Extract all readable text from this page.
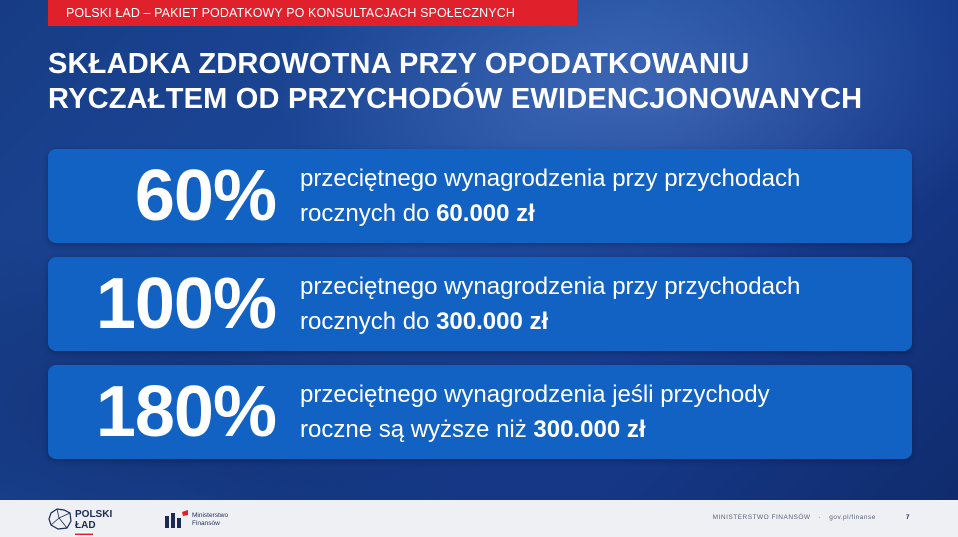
POLSKI ŁAD – PAKIET PODATKOWY PO KONSULTACJACH SPOŁECZNYCH
SKŁADKA ZDROWOTNA PRZY OPODATKOWANIU
RYCZAŁTEM OD PRZYCHODÓW EWIDENCJONOWANYCH
60% przeciętnego wynagrodzenia przy przychodach
rocznych do 60.000 zł
100% przeciętnego wynagrodzenia przy przychodach
rocznych do 300.000 zł
180% przeciętnego wynagrodzenia jeśli przychody
roczne są wyższe niż 300.000 zł
POLSKI
ŁAD
Ministerstwo
Finansów
MINISTERSTWO FINANSÓW · gov.pl/finanse	7
